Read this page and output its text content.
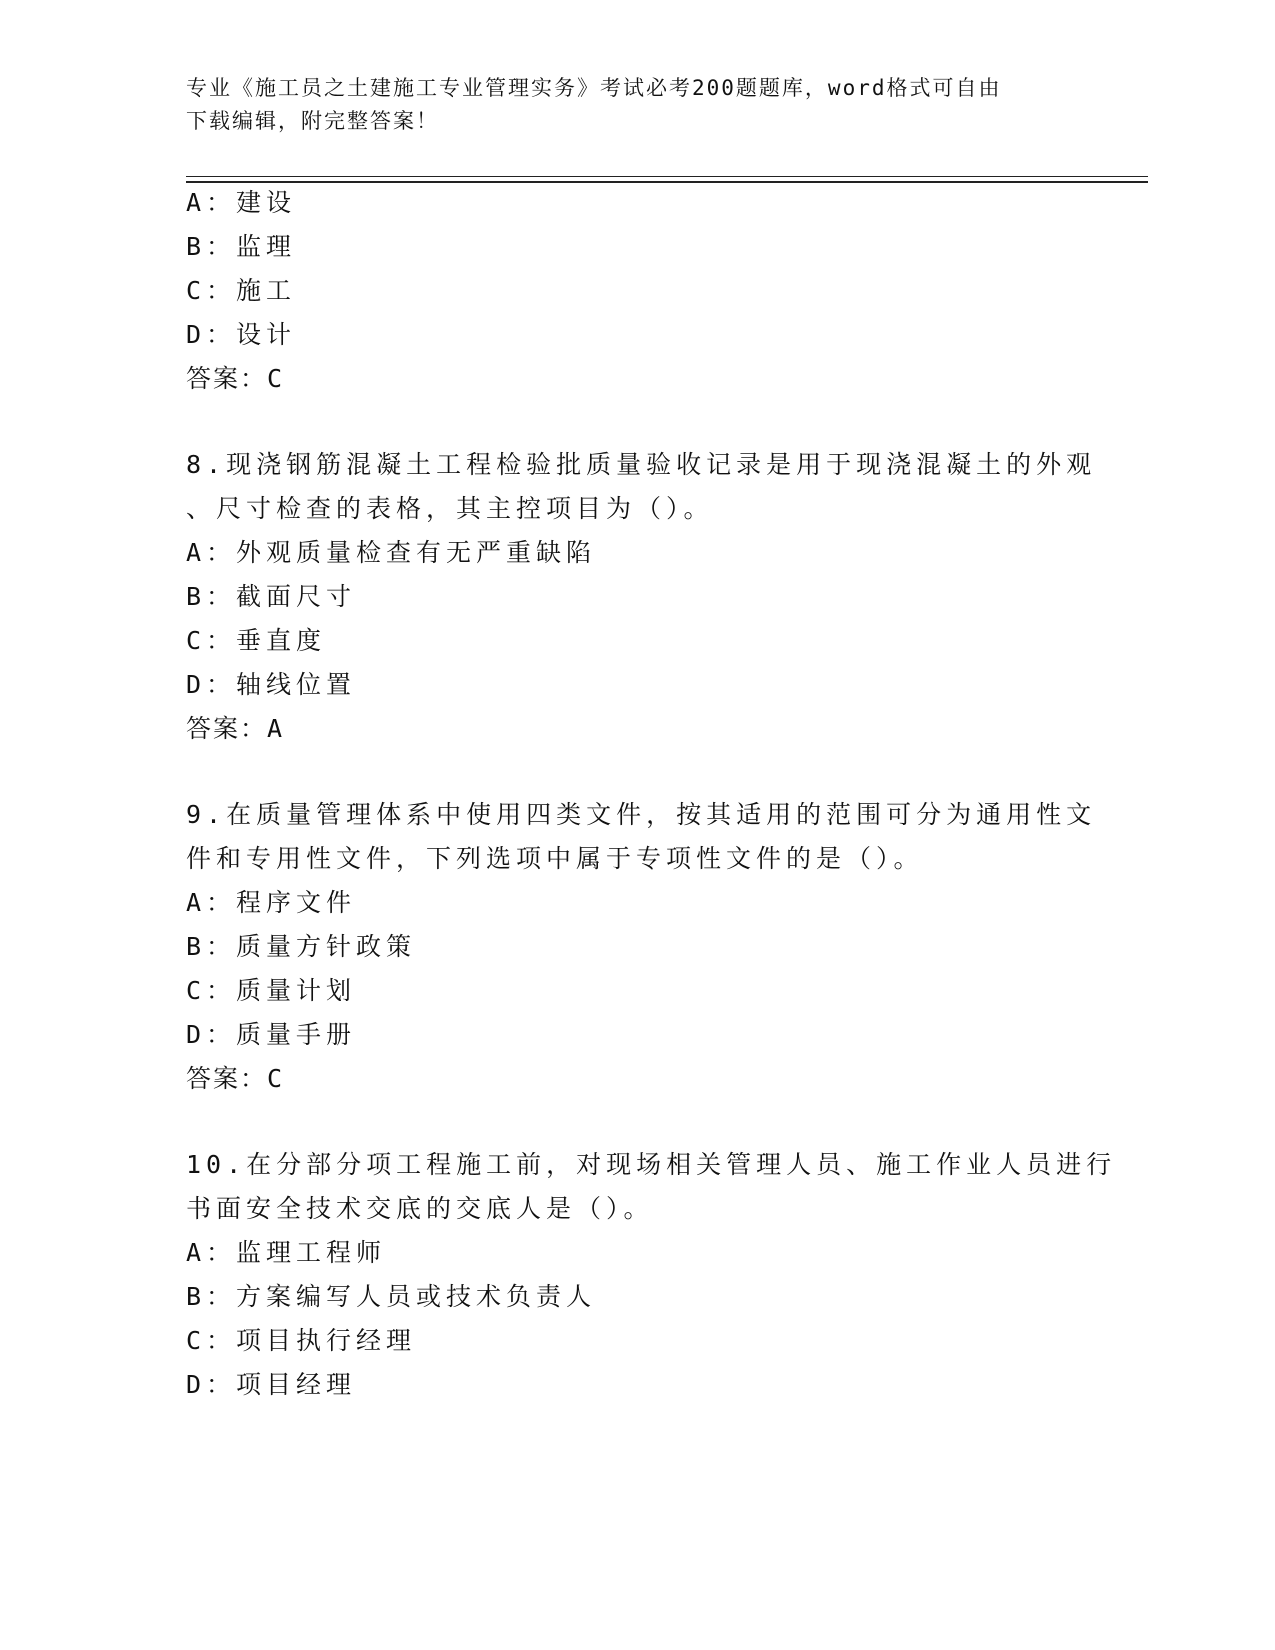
专业《施工员之土建施工专业管理实务》考试必考200题题库，word格式可自由
下载编辑，附完整答案！
A：建设
B：监理
C：施工
D：设计
答案：C
8.现浇钢筋混凝土工程检验批质量验收记录是用于现浇混凝土的外观
、尺寸检查的表格，其主控项目为（）。
A：外观质量检查有无严重缺陷
B：截面尺寸
C：垂直度
D：轴线位置
答案：A
9.在质量管理体系中使用四类文件，按其适用的范围可分为通用性文
件和专用性文件，下列选项中属于专项性文件的是（）。
A：程序文件
B：质量方针政策
C：质量计划
D：质量手册
答案：C
10.在分部分项工程施工前，对现场相关管理人员、施工作业人员进行
书面安全技术交底的交底人是（）。
A：监理工程师
B：方案编写人员或技术负责人
C：项目执行经理
D：项目经理
